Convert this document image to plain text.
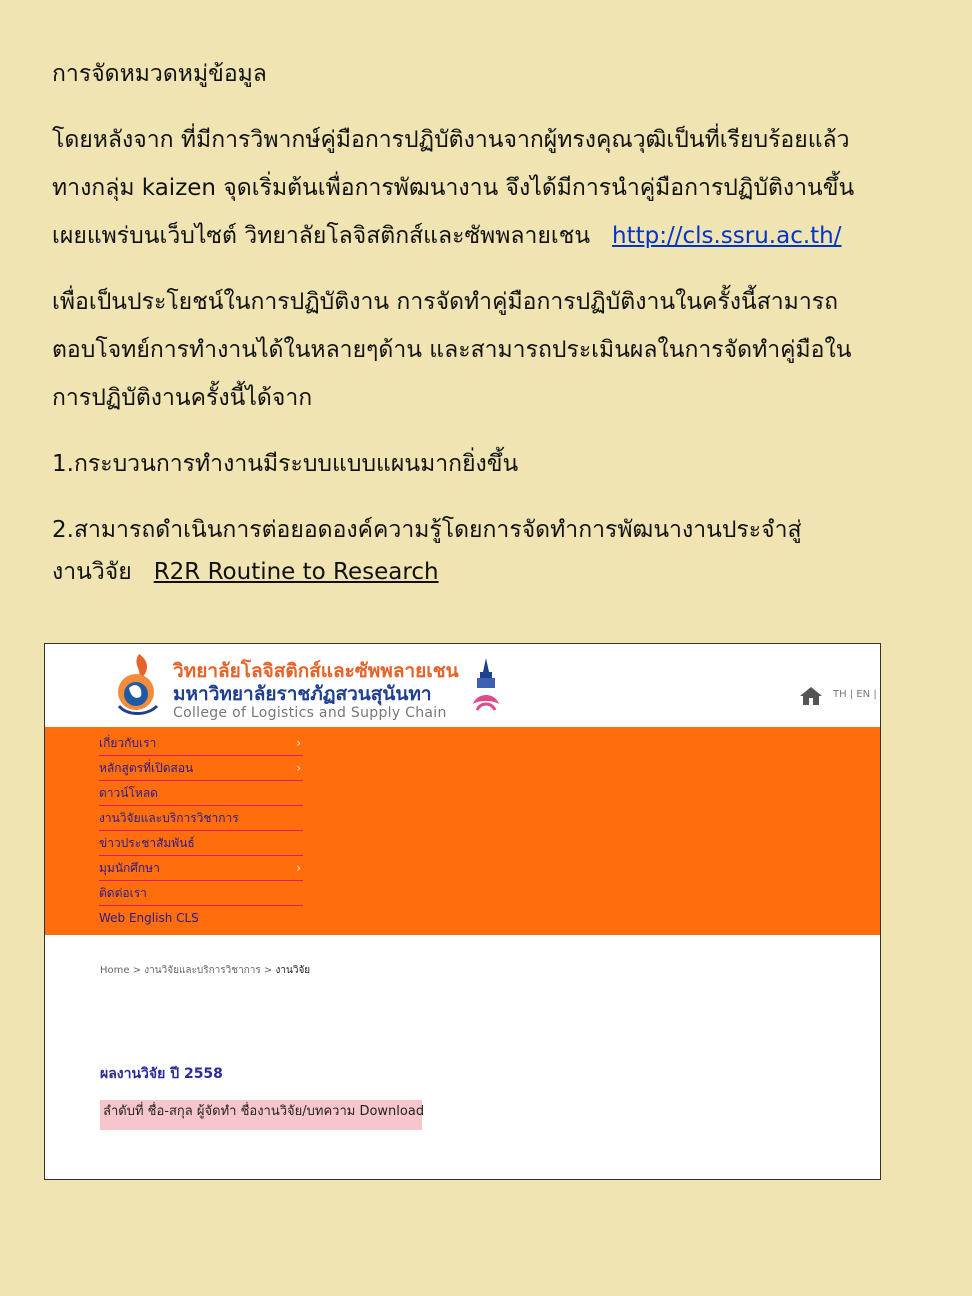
การจัดหมวดหมู่ข้อมูล
โดยหลังจาก ที่มีการวิพากษ์คู่มือการปฏิบัติงานจากผู้ทรงคุณวุฒิเป็นที่เรียบร้อยแล้ว
ทางกลุ่ม kaizen จุดเริ่มต้นเพื่อการพัฒนางาน จึงได้มีการนำคู่มือการปฏิบัติงานขึ้น
เผยแพร่บนเว็บไซต์ วิทยาลัยโลจิสติกส์และซัพพลายเชน http://cls.ssru.ac.th/
เพื่อเป็นประโยชน์ในการปฏิบัติงาน การจัดทำคู่มือการปฏิบัติงานในครั้งนี้สามารถ
ตอบโจทย์การทำงานได้ในหลายๆด้าน และสามารถประเมินผลในการจัดทำคู่มือใน
การปฏิบัติงานครั้งนี้ได้จาก
1.กระบวนการทำงานมีระบบแบบแผนมากยิ่งขึ้น
2.สามารถดำเนินการต่อยอดองค์ความรู้โดยการจัดทำการพัฒนางานประจำสู่
งานวิจัย R2R Routine to Research
วิทยาลัยโลจิสติกส์และซัพพลายเชน
มหาวิทยาลัยราชภัฏสวนสุนันทา
College of Logistics and Supply Chain
TH | EN |
เกี่ยวกับเรา	›
หลักสูตรที่เปิดสอน	›
ดาวน์โหลด
งานวิจัยและบริการวิชาการ
ข่าวประชาสัมพันธ์
มุมนักศึกษา	›
ติดต่อเรา
Web English CLS
Home > งานวิจัยและบริการวิชาการ > งานวิจัย
ผลงานวิจัย ปี 2558
ลำดับที่ ชื่อ-สกุล ผู้จัดทำ ชื่องานวิจัย/บทความ Download
